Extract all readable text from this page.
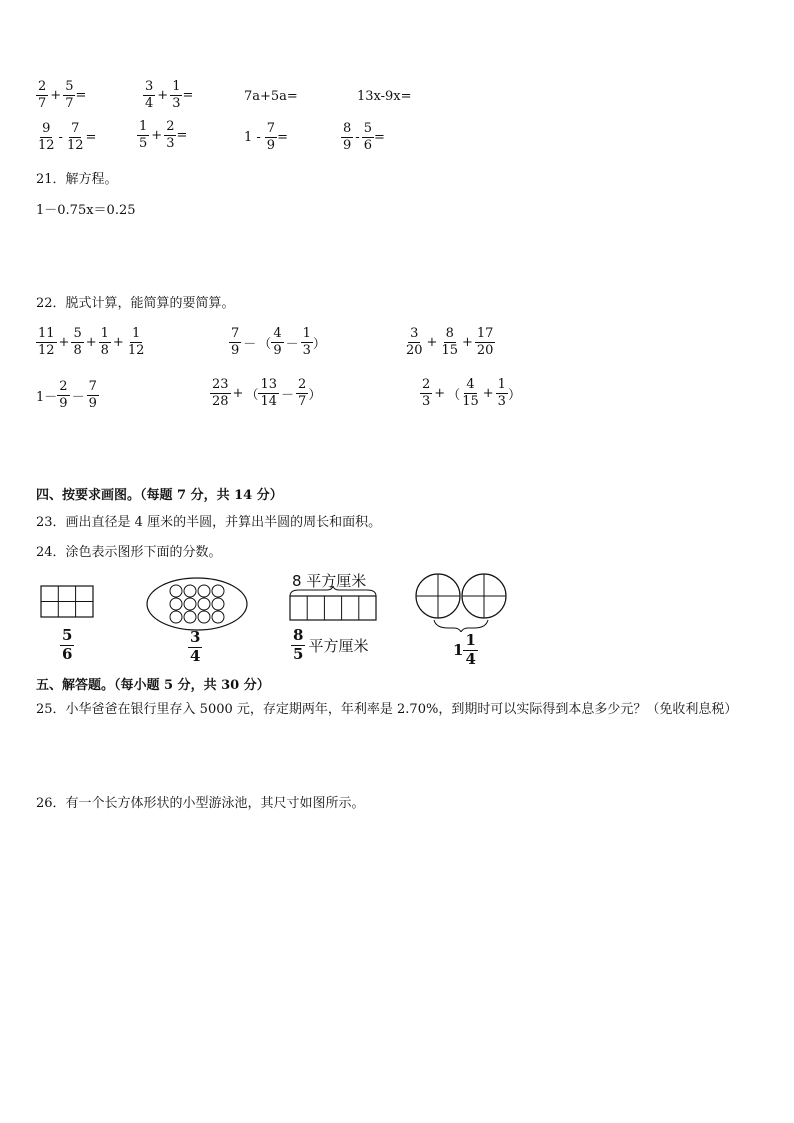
$\frac{2}{7} + \frac{5}{7}$ =	$\frac{3}{4} + \frac{1}{3}$ =	7a+5a=	13x-9x=
$\frac{9}{12} - \frac{7}{12}$ =	$\frac{1}{5} + \frac{2}{3}$ =	$1 - \frac{7}{9}$ =	$\frac{8}{9} - \frac{5}{6}$ =
21．解方程。
1－0.75x＝0.25
22．脱式计算，能简算的要简算。
$\frac{11}{12} + \frac{5}{8} + \frac{1}{8} + \frac{1}{12}$	$\frac{7}{9}$ － （ $\frac{4}{9} - \frac{1}{3}$ ）	$\frac{3}{20} + \frac{8}{15} + \frac{17}{20}$
$1- \frac{2}{9} - \frac{7}{9}$	$\frac{23}{28}$ + （ $\frac{13}{14} - \frac{2}{7}$ ）	$\frac{2}{3}$ + （ $\frac{4}{15} + \frac{1}{3}$ ）
四、按要求画图。（每题 7 分，共 14 分）
23．画出直径是 4 厘米的半圆，并算出半圆的周长和面积。
24．涂色表示图形下面的分数。
$\frac{5}{6}$	$\frac{3}{4}$
8 平方厘米
$\frac{8}{5}$ 平方厘米	$1 \frac{1}{4}$
五、解答题。（每小题 5 分，共 30 分）
25．小华爸爸在银行里存入 5000 元，存定期两年，年利率是 2.70%，到期时可以实际得到本息多少元？（免收利息税）
26．有一个长方体形状的小型游泳池，其尺寸如图所示。
